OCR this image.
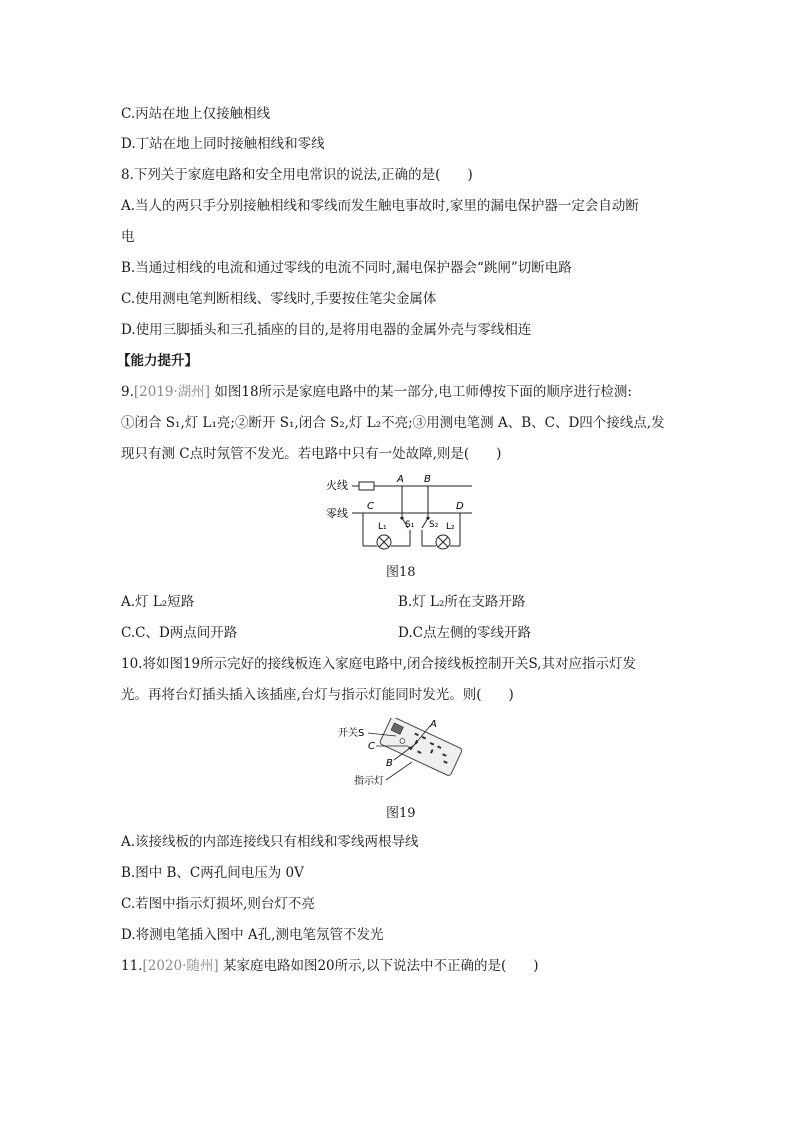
C.丙站在地上仅接触相线
D.丁站在地上同时接触相线和零线
8.下列关于家庭电路和安全用电常识的说法,正确的是(　　)
A.当人的两只手分别接触相线和零线而发生触电事故时,家里的漏电保护器一定会自动断
电
B.当通过相线的电流和通过零线的电流不同时,漏电保护器会“跳闸”切断电路
C.使用测电笔判断相线、零线时,手要按住笔尖金属体
D.使用三脚插头和三孔插座的目的,是将用电器的金属外壳与零线相连
【能力提升】
9.[2019·湖州] 如图18所示是家庭电路中的某一部分,电工师傅按下面的顺序进行检测:
①闭合 S₁,灯 L₁亮;②断开 S₁,闭合 S₂,灯 L₂不亮;③用测电笔测 A、B、C、D四个接线点,发
现只有测 C点时氖管不发光。若电路中只有一处故障,则是(　　)
火线	A B
零线
C	D
L₁ S₁ S₂ L₂
图18
A.灯 L₂短路	B.灯 L₂所在支路开路
C.C、D两点间开路	D.C点左侧的零线开路
10.将如图19所示完好的接线板连入家庭电路中,闭合接线板控制开关S,其对应指示灯发
光。再将台灯插头插入该插座,台灯与指示灯能同时发光。则(　　)
开关S
C
A
B
指示灯
图19
A.该接线板的内部连接线只有相线和零线两根导线
B.图中 B、C两孔间电压为 0V
C.若图中指示灯损坏,则台灯不亮
D.将测电笔插入图中 A孔,测电笔氖管不发光
11.[2020·随州] 某家庭电路如图20所示,以下说法中不正确的是(　　)
